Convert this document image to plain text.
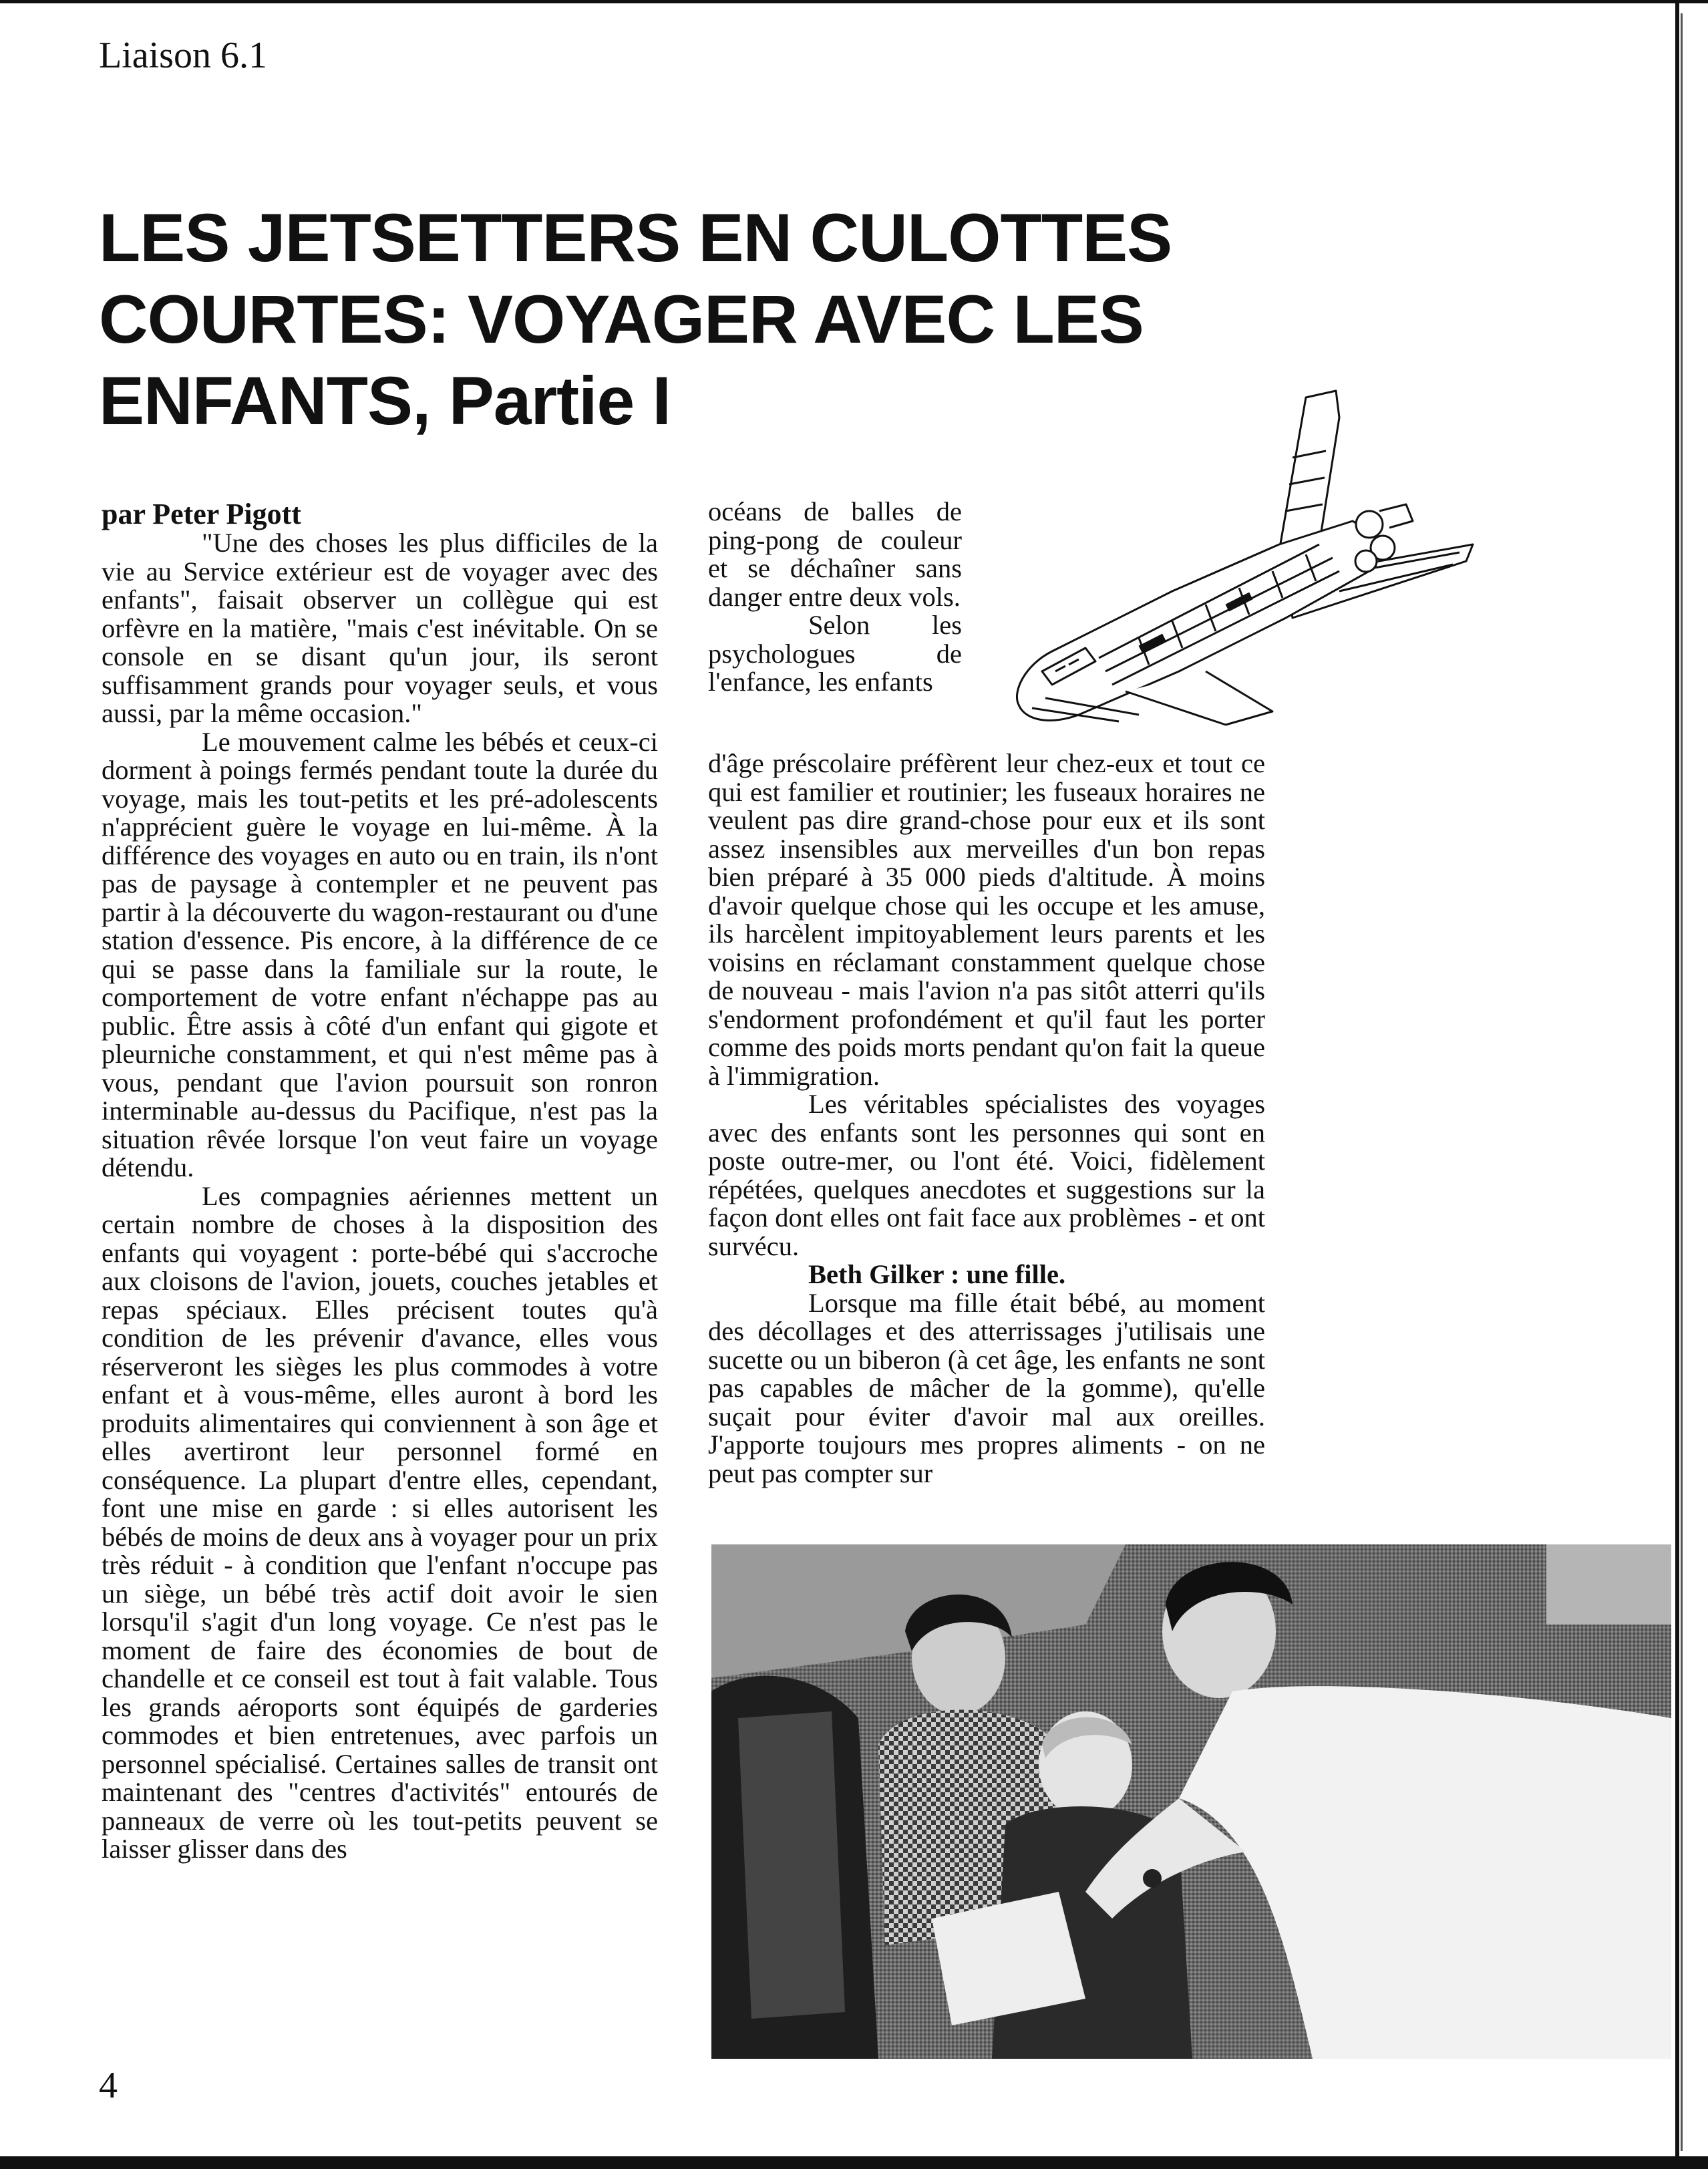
Liaison 6.1
LES JETSETTERS EN CULOTTES
COURTES: VOYAGER AVEC LES
ENFANTS, Partie I

par Peter Pigott

"Une des choses les plus difficiles de la vie au Service extérieur est de voyager avec des enfants", faisait observer un collègue qui est orfèvre en la matière, "mais c'est inévitable. On se console en se disant qu'un jour, ils seront suffisamment grands pour voyager seuls, et vous aussi, par la même occasion."

Le mouvement calme les bébés et ceux-ci dorment à poings fermés pendant toute la durée du voyage, mais les tout-petits et les pré-adolescents n'apprécient guère le voyage en lui-même. À la différence des voyages en auto ou en train, ils n'ont pas de paysage à contempler et ne peuvent pas partir à la découverte du wagon-restaurant ou d'une station d'essence. Pis encore, à la différence de ce qui se passe dans la familiale sur la route, le comportement de votre enfant n'échappe pas au public. Être assis à côté d'un enfant qui gigote et pleurniche constamment, et qui n'est même pas à vous, pendant que l'avion poursuit son ronron interminable au-dessus du Pacifique, n'est pas la situation rêvée lorsque l'on veut faire un voyage détendu.

Les compagnies aériennes mettent un certain nombre de choses à la disposition des enfants qui voyagent : porte-bébé qui s'accroche aux cloisons de l'avion, jouets, couches jetables et repas spéciaux. Elles précisent toutes qu'à condition de les prévenir d'avance, elles vous réserveront les sièges les plus commodes à votre enfant et à vous-même, elles auront à bord les produits alimentaires qui conviennent à son âge et elles avertiront leur personnel formé en conséquence. La plupart d'entre elles, cependant, font une mise en garde : si elles autorisent les bébés de moins de deux ans à voyager pour un prix très réduit - à condition que l'enfant n'occupe pas un siège, un bébé très actif doit avoir le sien lorsqu'il s'agit d'un long voyage. Ce n'est pas le moment de faire des économies de bout de chandelle et ce conseil est tout à fait valable. Tous les grands aéroports sont équipés de garderies commodes et bien entretenues, avec parfois un personnel spécialisé. Certaines salles de transit ont maintenant des "centres d'activités" entourés de panneaux de verre où les tout-petits peuvent se laisser glisser dans des

océans de balles de ping-pong de couleur et se déchaîner sans danger entre deux vols.

Selon les psychologues de l'enfance, les enfants

d'âge préscolaire préfèrent leur chez-eux et tout ce qui est familier et routinier; les fuseaux horaires ne veulent pas dire grand-chose pour eux et ils sont assez insensibles aux merveilles d'un bon repas bien préparé à 35 000 pieds d'altitude. À moins d'avoir quelque chose qui les occupe et les amuse, ils harcèlent impitoyablement leurs parents et les voisins en réclamant constamment quelque chose de nouveau - mais l'avion n'a pas sitôt atterri qu'ils s'endorment profondément et qu'il faut les porter comme des poids morts pendant qu'on fait la queue à l'immigration.

Les véritables spécialistes des voyages avec des enfants sont les personnes qui sont en poste outre-mer, ou l'ont été. Voici, fidèlement répétées, quelques anecdotes et suggestions sur la façon dont elles ont fait face aux problèmes - et ont survécu.

Beth Gilker : une fille.

Lorsque ma fille était bébé, au moment des décollages et des atterrissages j'utilisais une sucette ou un biberon (à cet âge, les enfants ne sont pas capables de mâcher de la gomme), qu'elle suçait pour éviter d'avoir mal aux oreilles. J'apporte toujours mes propres aliments - on ne peut pas compter sur

4
